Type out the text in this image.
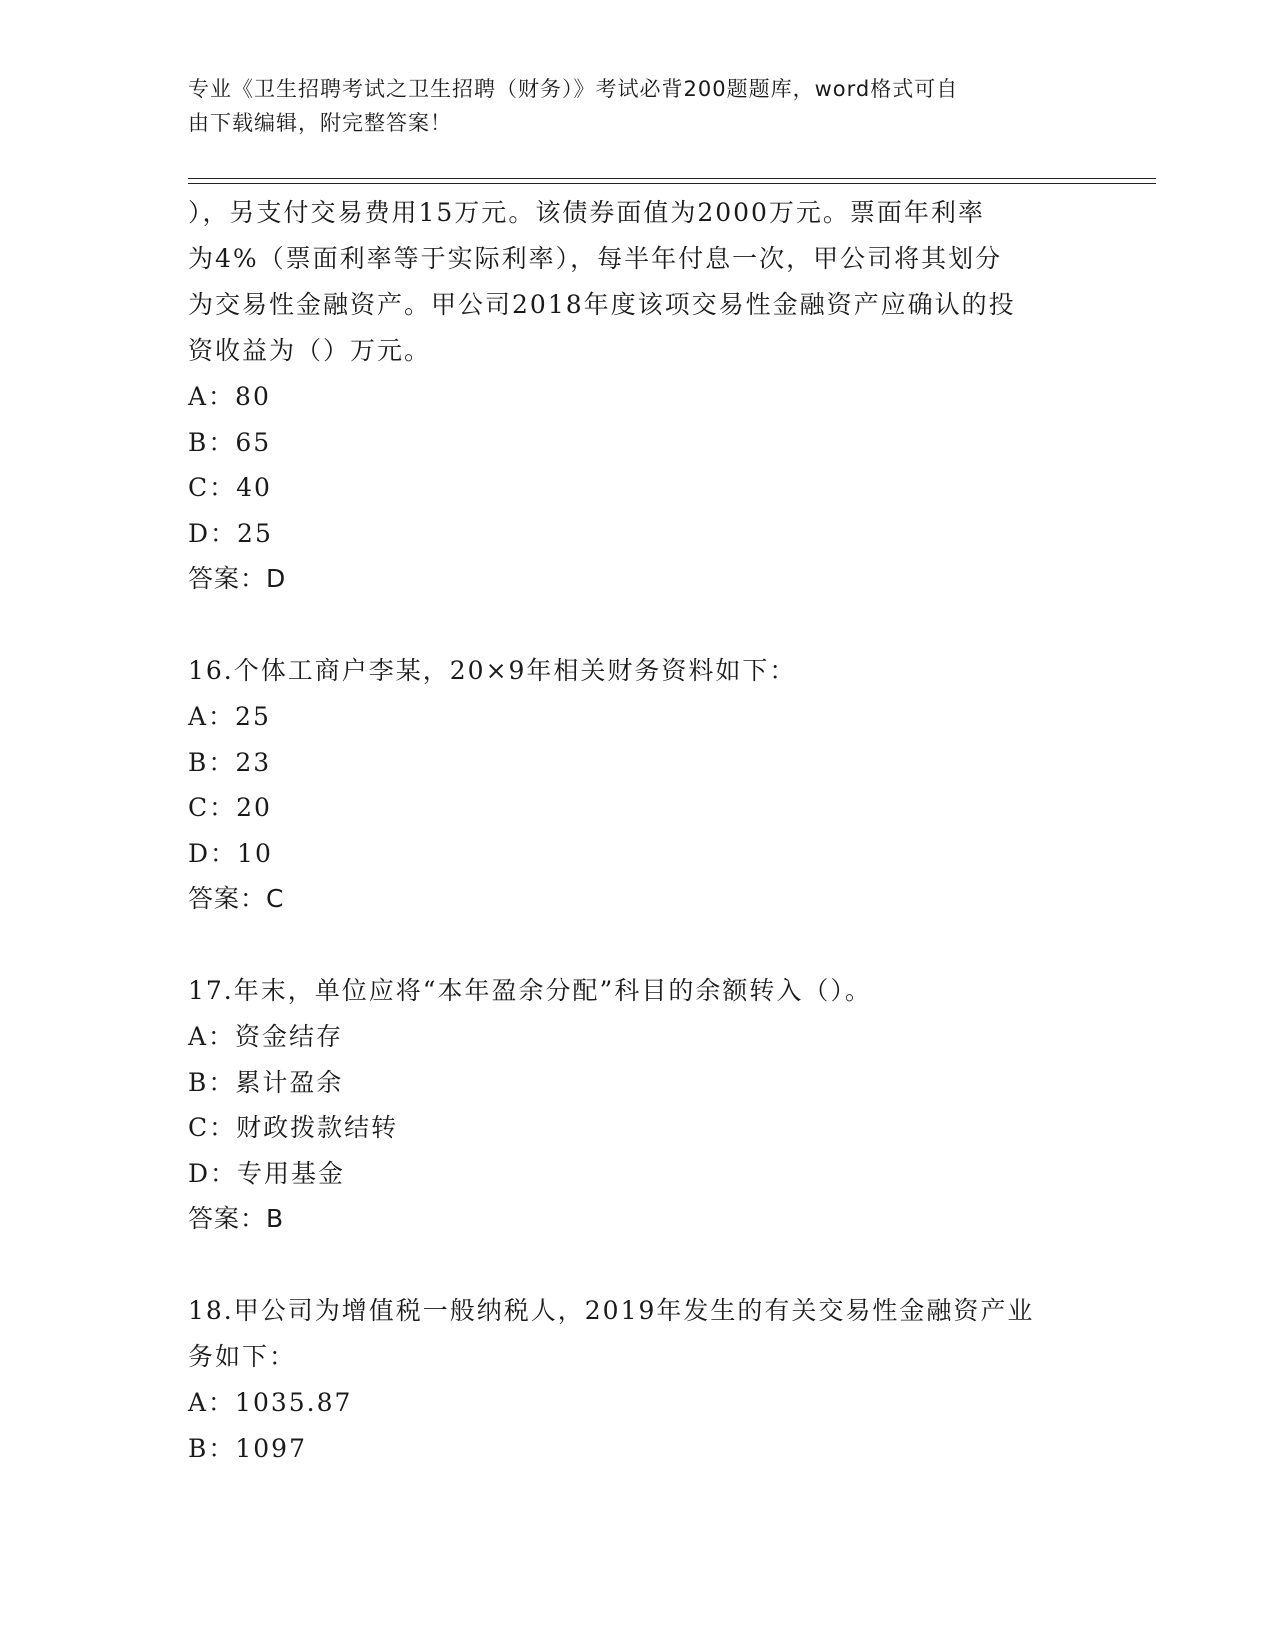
专业《卫生招聘考试之卫生招聘（财务）》考试必背200题题库，word格式可自
由下载编辑，附完整答案！

），另支付交易费用15万元。该债券面值为2000万元。票面年利率

为4%（票面利率等于实际利率），每半年付息一次，甲公司将其划分

为交易性金融资产。甲公司2018年度该项交易性金融资产应确认的投

资收益为（）万元。

A：80

B：65

C：40

D：25

答案：D

16.个体工商户李某，20×9年相关财务资料如下：

A：25

B：23

C：20

D：10

答案：C

17.年末，单位应将“本年盈余分配”科目的余额转入（）。

A：资金结存

B：累计盈余

C：财政拨款结转

D：专用基金

答案：B

18.甲公司为增值税一般纳税人，2019年发生的有关交易性金融资产业

务如下：

A：1035.87

B：1097
